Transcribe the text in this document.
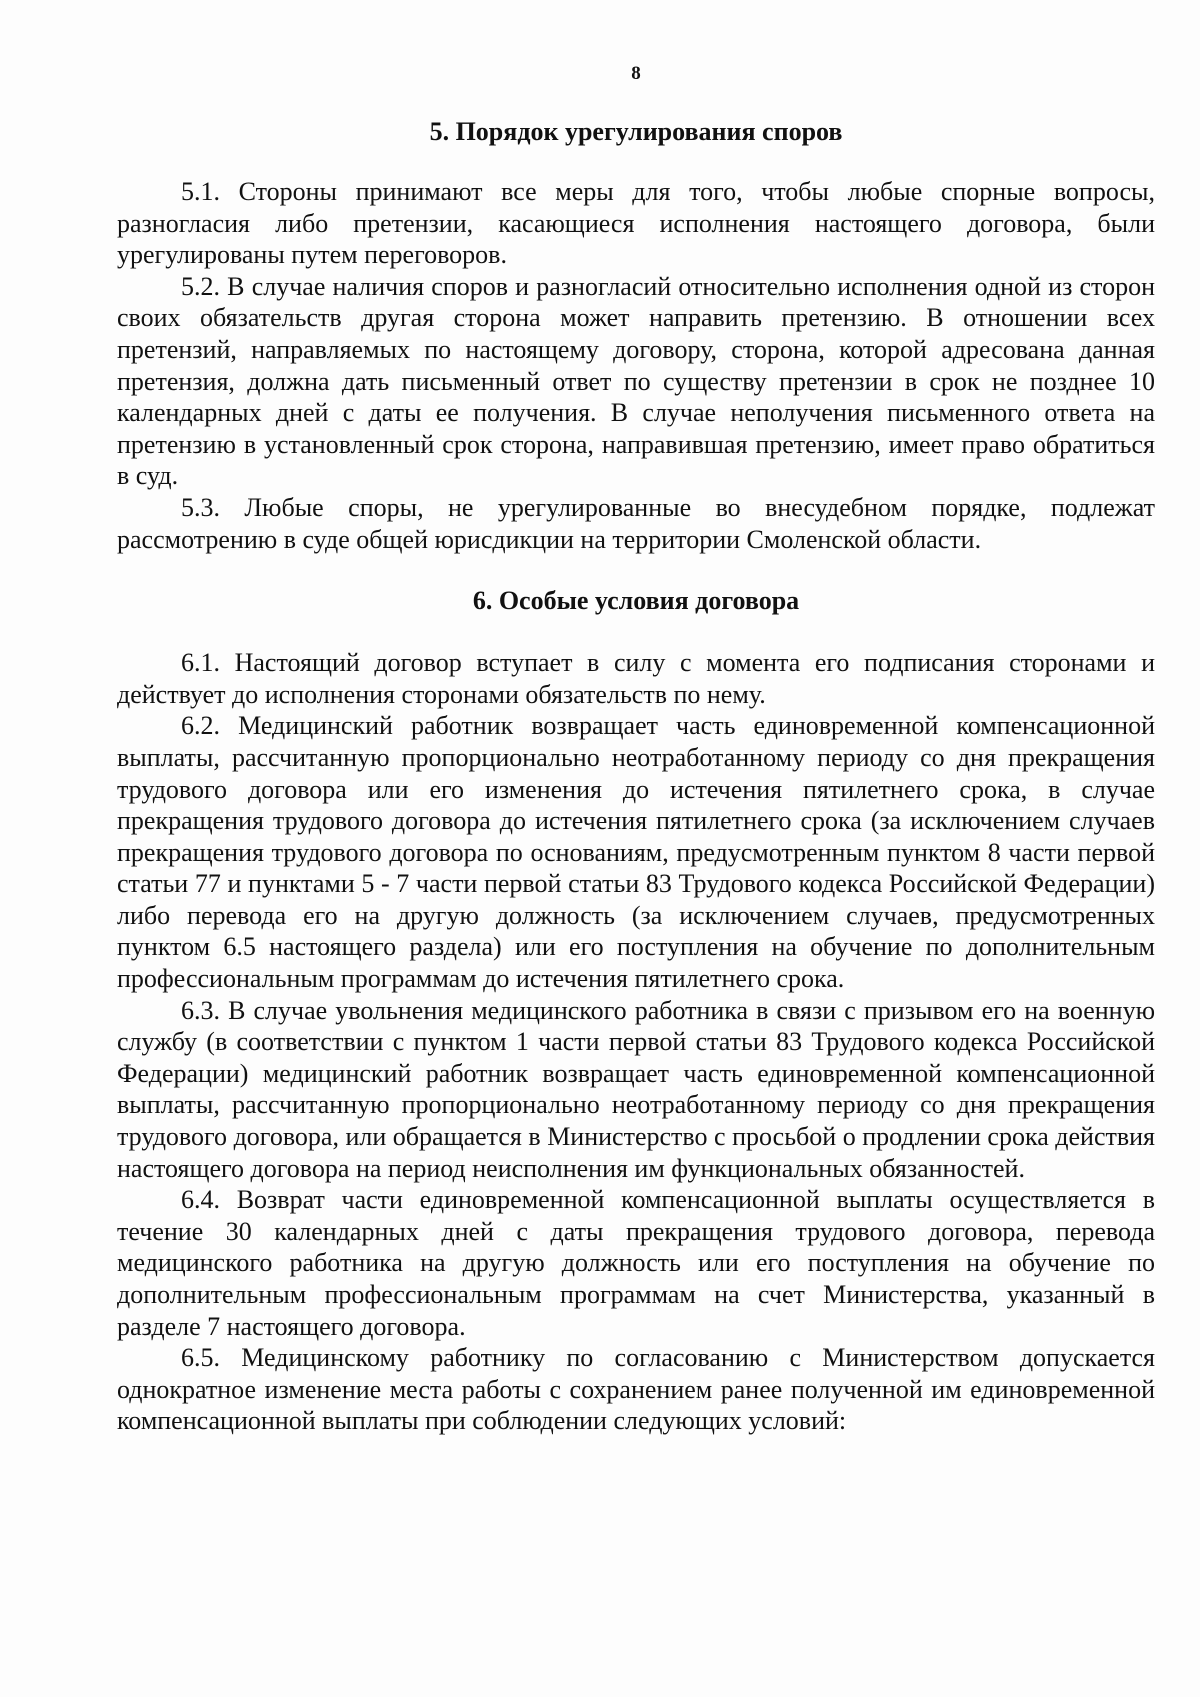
8
5. Порядок урегулирования споров

5.1. Стороны принимают все меры для того, чтобы любые спорные вопросы, разногласия либо претензии, касающиеся исполнения настоящего договора, были урегулированы путем переговоров.

5.2. В случае наличия споров и разногласий относительно исполнения одной из сторон своих обязательств другая сторона может направить претензию. В отношении всех претензий, направляемых по настоящему договору, сторона, которой адресована данная претензия, должна дать письменный ответ по существу претензии в срок не позднее 10 календарных дней с даты ее получения. В случае неполучения письменного ответа на претензию в установленный срок сторона, направившая претензию, имеет право обратиться в суд.

5.3. Любые споры, не урегулированные во внесудебном порядке, подлежат рассмотрению в суде общей юрисдикции на территории Смоленской области.

6. Особые условия договора

6.1. Настоящий договор вступает в силу с момента его подписания сторонами и действует до исполнения сторонами обязательств по нему.

6.2. Медицинский работник возвращает часть единовременной компенсационной выплаты, рассчитанную пропорционально неотработанному периоду со дня прекращения трудового договора или его изменения до истечения пятилетнего срока, в случае прекращения трудового договора до истечения пятилетнего срока (за исключением случаев прекращения трудового договора по основаниям, предусмотренным пунктом 8 части первой статьи 77 и пунктами 5 - 7 части первой статьи 83 Трудового кодекса Российской Федерации) либо перевода его на другую должность (за исключением случаев, предусмотренных пунктом 6.5 настоящего раздела) или его поступления на обучение по дополнительным профессиональным программам до истечения пятилетнего срока.

6.3. В случае увольнения медицинского работника в связи с призывом его на военную службу (в соответствии с пунктом 1 части первой статьи 83 Трудового кодекса Российской Федерации) медицинский работник возвращает часть единовременной компенсационной выплаты, рассчитанную пропорционально неотработанному периоду со дня прекращения трудового договора, или обращается в Министерство с просьбой о продлении срока действия настоящего договора на период неисполнения им функциональных обязанностей.

6.4. Возврат части единовременной компенсационной выплаты осуществляется в течение 30 календарных дней с даты прекращения трудового договора, перевода медицинского работника на другую должность или его поступления на обучение по дополнительным профессиональным программам на счет Министерства, указанный в разделе 7 настоящего договора.

6.5. Медицинскому работнику по согласованию с Министерством допускается однократное изменение места работы с сохранением ранее полученной им единовременной компенсационной выплаты при соблюдении следующих условий:
